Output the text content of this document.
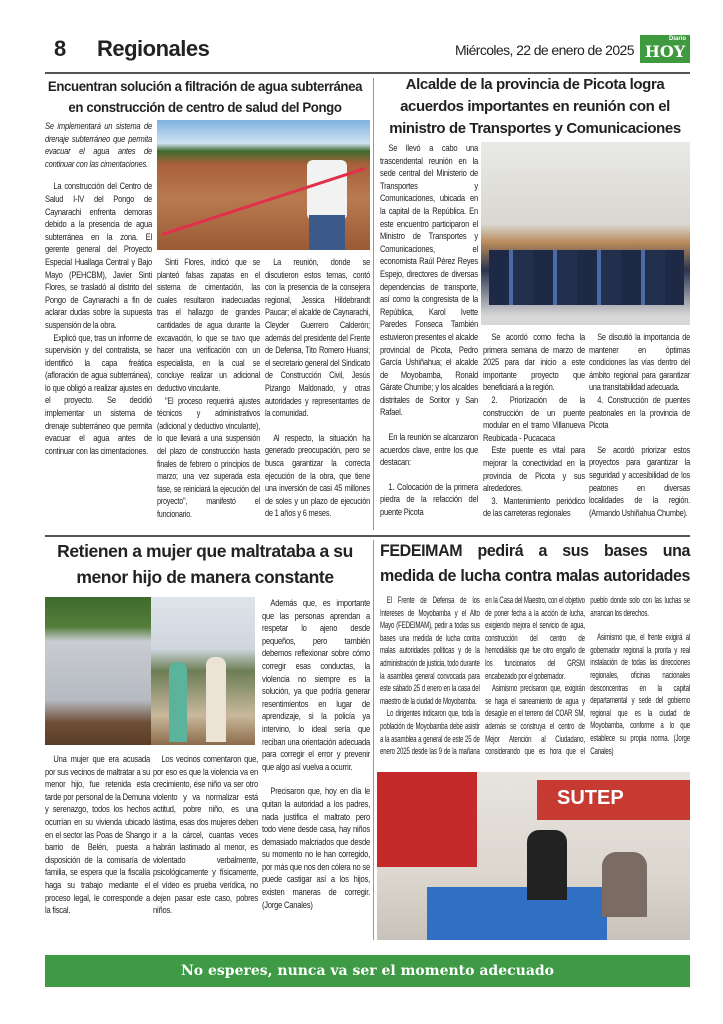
8 Regionales	Miércoles, 22 de enero de 2025
Diario
HOY
Encuentran solución a filtración de agua subterránea en construcción de centro de salud del Pongo

Se implementará un sistema de drenaje subterráneo que permita evacuar el agua antes de continuar con las cimentaciones.

La construcción del Centro de Salud I-IV del Pongo de Caynarachi enfrenta demoras debido a la presencia de agua subterránea en la zona. El gerente general del Proyecto Especial Huallaga Central y Bajo Mayo (PEHCBM), Javier Sinti Flores, se trasladó al distrito del Pongo de Caynarachi a fin de aclarar dudas sobre la supuesta suspensión de la obra.

Explicó que, tras un informe de supervisión y del contratista, se identificó la capa freática (afloración de agua subterránea), lo que obligó a realizar ajustes en el proyecto. Se decidió implementar un sistema de drenaje subterráneo que permita evacuar el agua antes de continuar con las cimentaciones.

Sinti Flores, indicó que se planteó falsas zapatas en el sistema de cimentación, las cuales resultaron inadecuadas tras el hallazgo de grandes cantidades de agua durante la excavación, lo que se tuvo que hacer una verificación con un especialista, en la cual se concluye realizar un adicional deductivo vinculante.

"El proceso requerirá ajustes técnicos y administrativos (adicional y deductivo vinculante), lo que llevará a una suspensión del plazo de construcción hasta finales de febrero o principios de marzo; una vez superada esta fase, se reiniciará la ejecución del proyecto", manifestó el funcionario.

La reunión, donde se discutieron estos temas, contó con la presencia de la consejera regional, Jessica Hildebrandt Paucar; el alcalde de Caynarachi, Cleyder Guerrero Calderón; además del presidente del Frente de Defensa, Tito Romero Huansi; el secretario general del Sindicato de Construcción Civil, Jesús Pizango Maldonado, y otras autoridades y representantes de la comunidad.

Al respecto, la situación ha generado preocupación, pero se busca garantizar la correcta ejecución de la obra, que tiene una inversión de casi 45 millones de soles y un plazo de ejecución de 1 años y 6 meses.

Alcalde de la provincia de Picota logra acuerdos importantes en reunión con el ministro de Transportes y Comunicaciones

Se llevó a cabo una trascendental reunión en la sede central del Ministerio de Transportes y Comunicaciones, ubicada en la capital de la República. En este encuentro participaron el Ministro de Transportes y Comunicaciones, el economista Raúl Pérez Reyes Espejo, directores de diversas dependencias de transporte, así como la congresista de la República, Karol Ivette Paredes Fonseca También estuvieron presentes el alcalde provincial de Picota, Pedro García Ushiñahua; el alcalde de Moyobamba, Ronald Gárate Chumbe; y los alcaldes distritales de Soritor y San Rafael.

En la reunión se alcanzaron acuerdos clave, entre los que destacan:

1. Colocación de la primera piedra de la refacción del puente Picota

Se acordó como fecha la primera semana de marzo de 2025 para dar inicio a este importante proyecto que beneficiará a la región.

2. Priorización de la construcción de un puente modular en el tramo Villanueva Reubicada - Pucacaca

Este puente es vital para mejorar la conectividad en la provincia de Picota y sus alrededores.

3. Mantenimiento periódico de las carreteras regionales

Se discutió la importancia de mantener en óptimas condiciones las vías dentro del ámbito regional para garantizar una transitabilidad adecuada.

4. Construcción de puentes peatonales en la provincia de Picota

Se acordó priorizar estos proyectos para garantizar la seguridad y accesibilidad de los peatones en diversas localidades de la región. (Armando Ushiñahua Chumbe).

Retienen a mujer que maltrataba a su menor hijo de manera constante

Además que, es importante que las personas aprendan a respetar lo ajeno desde pequeños, pero también debemos reflexionar sobre cómo corregir esas conductas, la violencia no siempre es la solución, ya que podría generar resentimientos en lugar de aprendizaje, si la policía ya intervino, lo ideal sería que reciban una orientación adecuada para corregir el error y prevenir que algo así vuelva a ocurrir.

Precisaron que, hoy en día le quitan la autoridad a los padres, nada justifica el maltrato pero todo viene desde casa, hay niños demasiado malcriados que desde su momento no le han corregido, por más que nos den cólera no se puede castigar así a los hijos, existen maneras de corregir. (Jorge Canales)

Una mujer que era acusada por sus vecinos de maltratar a su menor hijo, fue retenida esta tarde por personal de la Demuna y serenazgo, todos los hechos ocurrían en su vivienda ubicado en el sector las Poas de Shango barrio de Belén, puesta a disposición de la comisaría de familia, se espera que la fiscalía haga su trabajo mediante el proceso legal, le corresponde a la fiscal.

Los vecinos comentaron que, por eso es que la violencia va en crecimiento, ése niño va ser otro violento y va normalizar está actitud, pobre niño, es una lástima, esas dos mujeres deben ir a la cárcel, cuantas veces habrán lastimado al menor, es violentado verbalmente, psicológicamente y físicamente, el vídeo es prueba verídica, no dejen pasar este caso, pobres niños.

FEDEIMAM pedirá a sus bases una medida de lucha contra malas autoridades

El Frente de Defensa de los Intereses de Moyobamba y el Alto Mayo (FEDEIMAM), pedir a todas sus bases una medida de lucha contra malas autoridades políticas y de la administración de justicia, todo durante la asamblea general convocada para este sábado 25 d enero en la casa del maestro de la ciudad de Moyobamba.

Lo dirigentes indicaron que, toda la población de Moyobamba debe asistir a la asamblea a general de este 25 de enero 2025 desde las 9 de la mañana en la Casa del Maestro, con el objetivo de poner fecha a la acción de lucha, exigiendo mejora el servicio de agua, construcción del centro de hemodiálisis que fue otro engaño de los funcionarios del GRSM encabezado por el gobernador.

Asimismo precisaron que, exigirán se haga el saneamiento de agua y desagüe en el terreno del COAR SM, además se construya el centro de Mejor Atención al Ciudadano, considerando que es hora que el pueblo donde solo con las luchas se arrancan los derechos.

Asimismo que, el frente exigirá al gobernador regional la pronta y real instalación de todas las direcciones regionales, oficinas nacionales desconcentras en la capital departamental y sede del gobierno regional que es la ciudad de Moyobamba, conforme a lo que establece su propia norma. (Jorge Canales)

SUTEP
No esperes, nunca va ser el momento adecuado
